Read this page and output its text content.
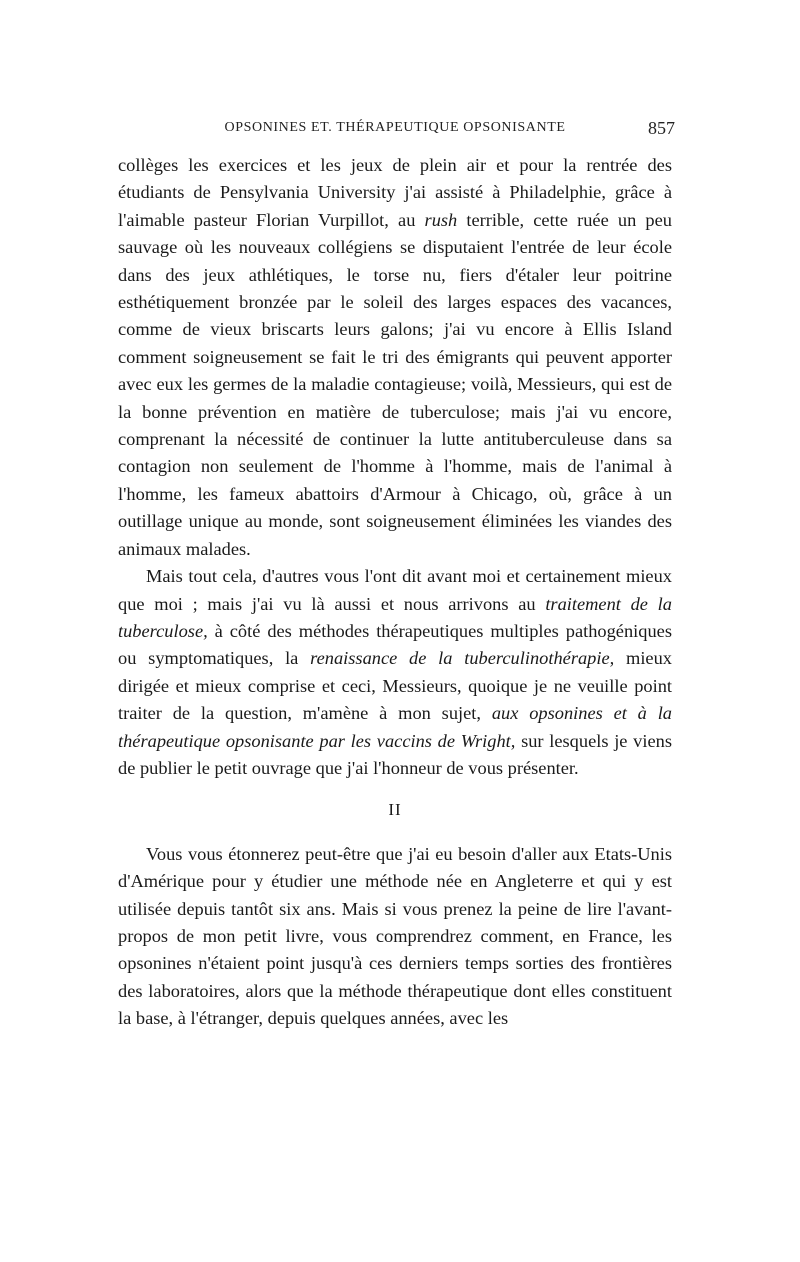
OPSONINES ET. THÉRAPEUTIQUE OPSONISANTE	857

collèges les exercices et les jeux de plein air et pour la rentrée des étudiants de Pensylvania University j'ai assisté à Philadelphie, grâce à l'aimable pasteur Florian Vurpillot, au rush terrible, cette ruée un peu sauvage où les nouveaux collégiens se disputaient l'entrée de leur école dans des jeux athlétiques, le torse nu, fiers d'étaler leur poitrine esthétiquement bronzée par le soleil des larges espaces des vacances, comme de vieux briscarts leurs galons; j'ai vu encore à Ellis Island comment soigneusement se fait le tri des émigrants qui peuvent apporter avec eux les germes de la maladie contagieuse; voilà, Messieurs, qui est de la bonne prévention en matière de tuberculose; mais j'ai vu encore, comprenant la nécessité de continuer la lutte antituberculeuse dans sa contagion non seulement de l'homme à l'homme, mais de l'animal à l'homme, les fameux abattoirs d'Armour à Chicago, où, grâce à un outillage unique au monde, sont soigneusement éliminées les viandes des animaux malades.

Mais tout cela, d'autres vous l'ont dit avant moi et certainement mieux que moi ; mais j'ai vu là aussi et nous arrivons au traitement de la tuberculose, à côté des méthodes thérapeutiques multiples pathogéniques ou symptomatiques, la renaissance de la tuberculinothérapie, mieux dirigée et mieux comprise et ceci, Messieurs, quoique je ne veuille point traiter de la question, m'amène à mon sujet, aux opsonines et à la thérapeutique opsonisante par les vaccins de Wright, sur lesquels je viens de publier le petit ouvrage que j'ai l'honneur de vous présenter.

II

Vous vous étonnerez peut-être que j'ai eu besoin d'aller aux Etats-Unis d'Amérique pour y étudier une méthode née en Angleterre et qui y est utilisée depuis tantôt six ans. Mais si vous prenez la peine de lire l'avant-propos de mon petit livre, vous comprendrez comment, en France, les opsonines n'étaient point jusqu'à ces derniers temps sorties des frontières des laboratoires, alors que la méthode thérapeutique dont elles constituent la base, à l'étranger, depuis quelques années, avec les
